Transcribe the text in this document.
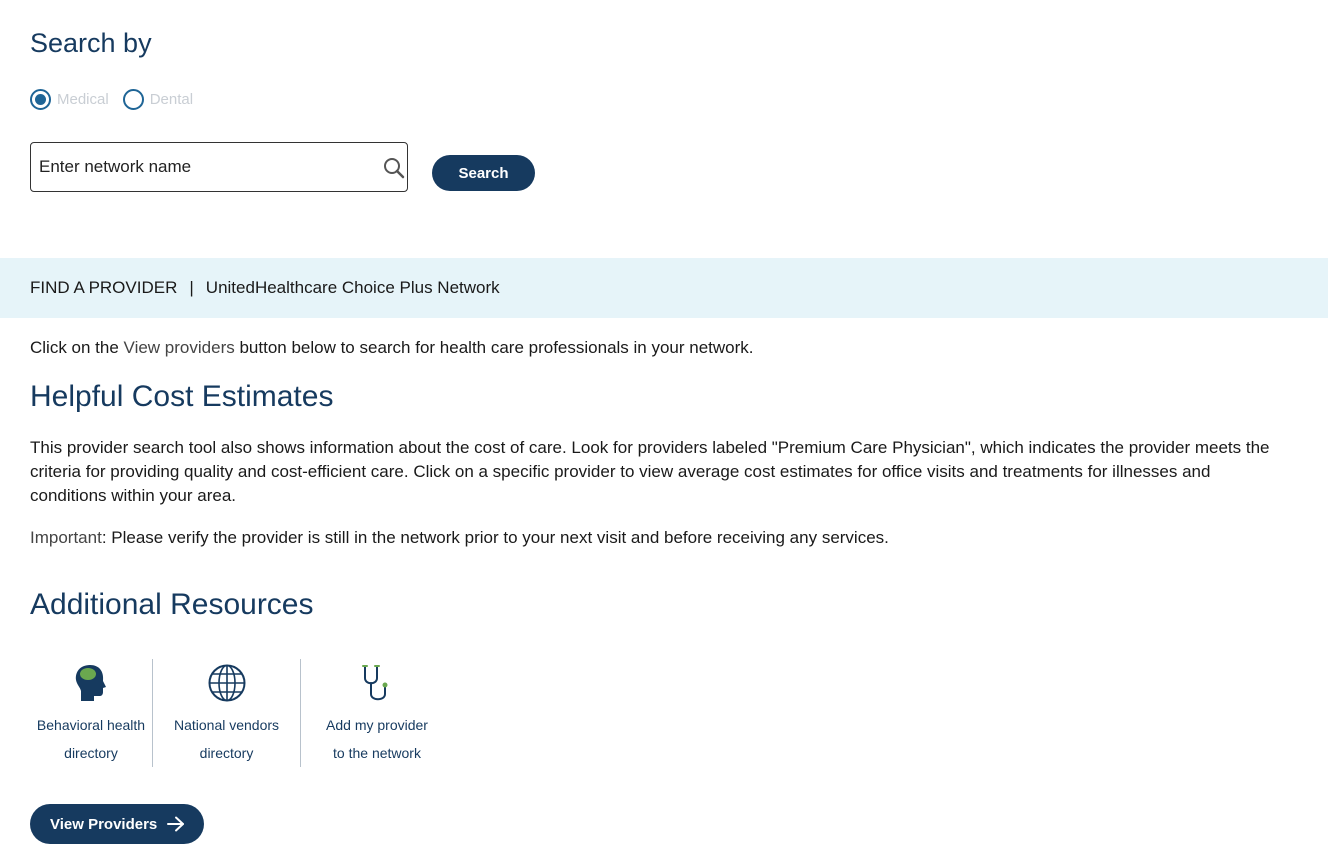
Search by
Medical	Dental
Enter network name
Search
FIND A PROVIDER | UnitedHealthcare Choice Plus Network

Click on the View providers button below to search for health care professionals in your network.

Helpful Cost Estimates

This provider search tool also shows information about the cost of care. Look for providers labeled "Premium Care Physician", which indicates the provider meets the criteria for providing quality and cost-efficient care. Click on a specific provider to view average cost estimates for office visits and treatments for illnesses and conditions within your area.

Important: Please verify the provider is still in the network prior to your next visit and before receiving any services.

Additional Resources
Behavioral health
directory
National vendors
directory
Add my provider
to the network
View Providers
